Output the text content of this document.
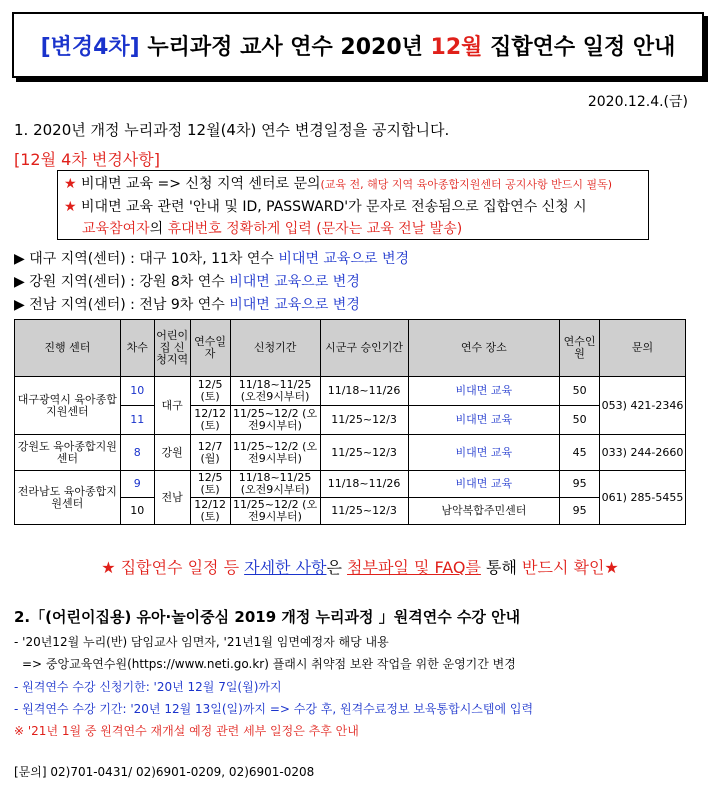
[변경4차] 누리과정 교사 연수 2020년 12월 집합연수 일정 안내
2020.12.4.(금)
1. 2020년 개정 누리과정 12월(4차) 연수 변경일정을 공지합니다.
[12월 4차 변경사항]
★ 비대면 교육 => 신청 지역 센터로 문의(교육 전, 해당 지역 육아종합지원센터 공지사항 반드시 필독)
★ 비대면 교육 관련 '안내 및 ID, PASSWARD'가 문자로 전송됨으로 집합연수 신청 시
교육참여자의 휴대번호 정확하게 입력 (문자는 교육 전날 발송)
▶ 대구 지역(센터) : 대구 10차, 11차 연수 비대면 교육으로 변경
▶ 강원 지역(센터) : 강원 8차 연수 비대면 교육으로 변경
▶ 전남 지역(센터) : 전남 9차 연수 비대면 교육으로 변경
진행 센터	차수	어린이집 신청지역	연수일자	신청기간	시군구 승인기간	연수 장소	연수인원	문의
대구광역시 육아종합지원센터	10	대구	12/5 (토)	11/18~11/25 (오전9시부터)	11/18~11/26	비대면 교육	50	053) 421-2346
	11		12/12 (토)	11/25~12/2 (오전9시부터)	11/25~12/3	비대면 교육	50	
강원도 육아종합지원센터	8	강원	12/7 (월)	11/25~12/2 (오전9시부터)	11/25~12/3	비대면 교육	45	033) 244-2660
전라남도 육아종합지원센터	9	전남	12/5 (토)	11/18~11/25 (오전9시부터)	11/18~11/26	비대면 교육	95	061) 285-5455
	10		12/12 (토)	11/25~12/2 (오전9시부터)	11/25~12/3	남악복합주민센터	95	
★ 집합연수 일정 등 자세한 사항은 첨부파일 및 FAQ를 통해 반드시 확인★
2.「(어린이집용) 유아·놀이중심 2019 개정 누리과정 」원격연수 수강 안내
- '20년12월 누리(반) 담임교사 임면자, '21년1월 임면예정자 해당 내용
=> 중앙교육연수원(https://www.neti.go.kr) 플래시 취약점 보완 작업을 위한 운영기간 변경
- 원격연수 수강 신청기한: '20년 12월 7일(월)까지
- 원격연수 수강 기간: '20년 12월 13일(일)까지 => 수강 후, 원격수료정보 보육통합시스템에 입력
※ '21년 1월 중 원격연수 재개설 예정 관련 세부 일정은 추후 안내
[문의] 02)701-0431/ 02)6901-0209, 02)6901-0208
